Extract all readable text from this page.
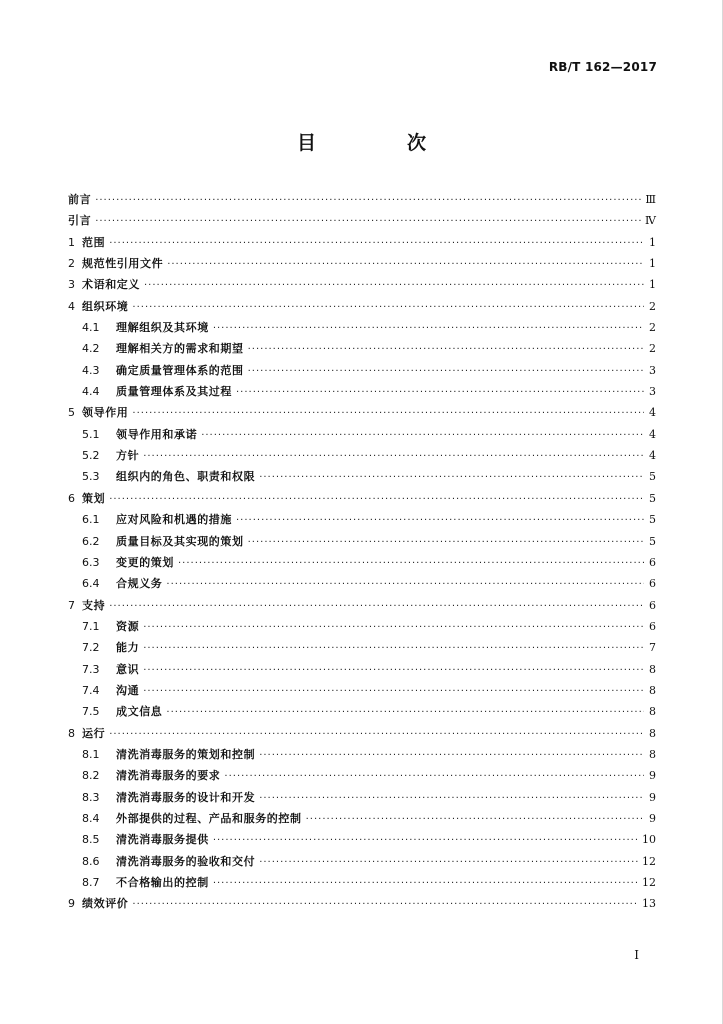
RB/T 162—2017
目　次
前言 ·····	Ⅲ
引言 ·····	Ⅳ
1 范围 ·····	1
2 规范性引用文件 ·····	1
3 术语和定义 ·····	1
4 组织环境 ·····	2
4.1	理解组织及其环境 ·····	2
4.2	理解相关方的需求和期望 ·····	2
4.3	确定质量管理体系的范围 ·····	3
4.4	质量管理体系及其过程 ·····	3
5 领导作用 ·····	4
5.1	领导作用和承诺 ·····	4
5.2	方针 ·····	4
5.3	组织内的角色、职责和权限 ·····	5
6 策划 ·····	5
6.1	应对风险和机遇的措施 ·····	5
6.2	质量目标及其实现的策划 ·····	5
6.3	变更的策划 ·····	6
6.4	合规义务 ·····	6
7 支持 ·····	6
7.1	资源 ·····	6
7.2	能力 ·····	7
7.3	意识 ·····	8
7.4	沟通 ·····	8
7.5	成文信息 ·····	8
8 运行 ·····	8
8.1	清洗消毒服务的策划和控制 ·····	8
8.2	清洗消毒服务的要求 ·····	9
8.3	清洗消毒服务的设计和开发 ·····	9
8.4	外部提供的过程、产品和服务的控制 ·····	9
8.5	清洗消毒服务提供 ·····	10
8.6	清洗消毒服务的验收和交付 ·····	12
8.7	不合格输出的控制 ·····	12
9 绩效评价 ·····	13
I
